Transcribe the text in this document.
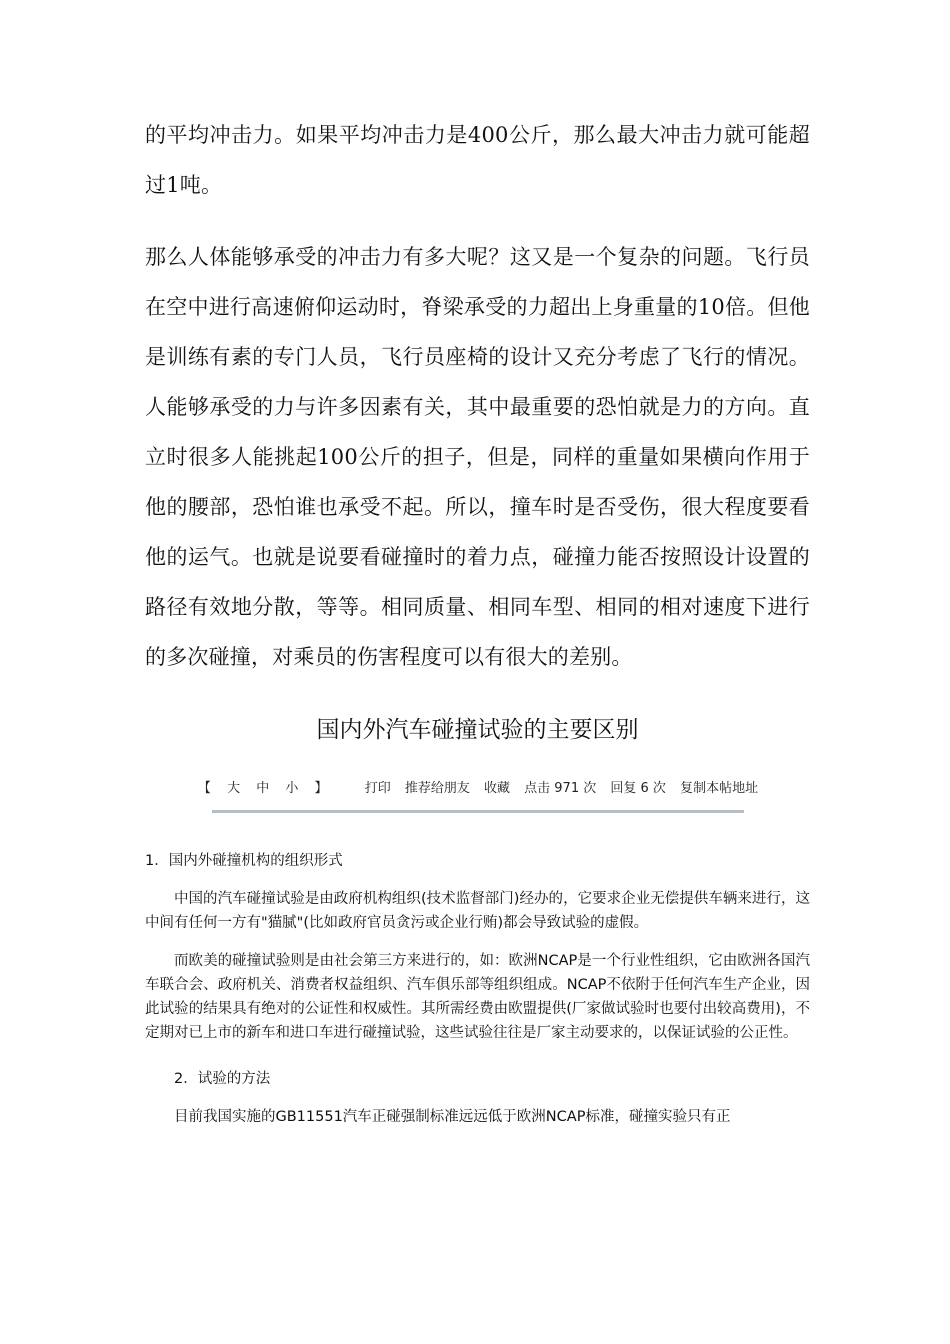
的平均冲击力。如果平均冲击力是400公斤，那么最大冲击力就可能超过1吨。

那么人体能够承受的冲击力有多大呢？这又是一个复杂的问题。飞行员在空中进行高速俯仰运动时，脊梁承受的力超出上身重量的10倍。但他是训练有素的专门人员，飞行员座椅的设计又充分考虑了飞行的情况。人能够承受的力与许多因素有关，其中最重要的恐怕就是力的方向。直立时很多人能挑起100公斤的担子，但是，同样的重量如果横向作用于他的腰部，恐怕谁也承受不起。所以，撞车时是否受伤，很大程度要看他的运气。也就是说要看碰撞时的着力点，碰撞力能否按照设计设置的路径有效地分散，等等。相同质量、相同车型、相同的相对速度下进行的多次碰撞，对乘员的伤害程度可以有很大的差别。

国内外汽车碰撞试验的主要区别
【 大 中 小 】	打印 推荐给朋友 收藏 点击 971 次 回复 6 次 复制本帖地址

1．国内外碰撞机构的组织形式

中国的汽车碰撞试验是由政府机构组织(技术监督部门)经办的，它要求企业无偿提供车辆来进行，这中间有任何一方有"猫腻"(比如政府官员贪污或企业行贿)都会导致试验的虚假。

而欧美的碰撞试验则是由社会第三方来进行的，如：欧洲NCAP是一个行业性组织，它由欧洲各国汽车联合会、政府机关、消费者权益组织、汽车俱乐部等组织组成。NCAP不依附于任何汽车生产企业，因此试验的结果具有绝对的公证性和权威性。其所需经费由欧盟提供(厂家做试验时也要付出较高费用)，不定期对已上市的新车和进口车进行碰撞试验，这些试验往往是厂家主动要求的，以保证试验的公正性。

2．试验的方法

目前我国实施的GB11551汽车正碰强制标准远远低于欧洲NCAP标准，碰撞实验只有正
